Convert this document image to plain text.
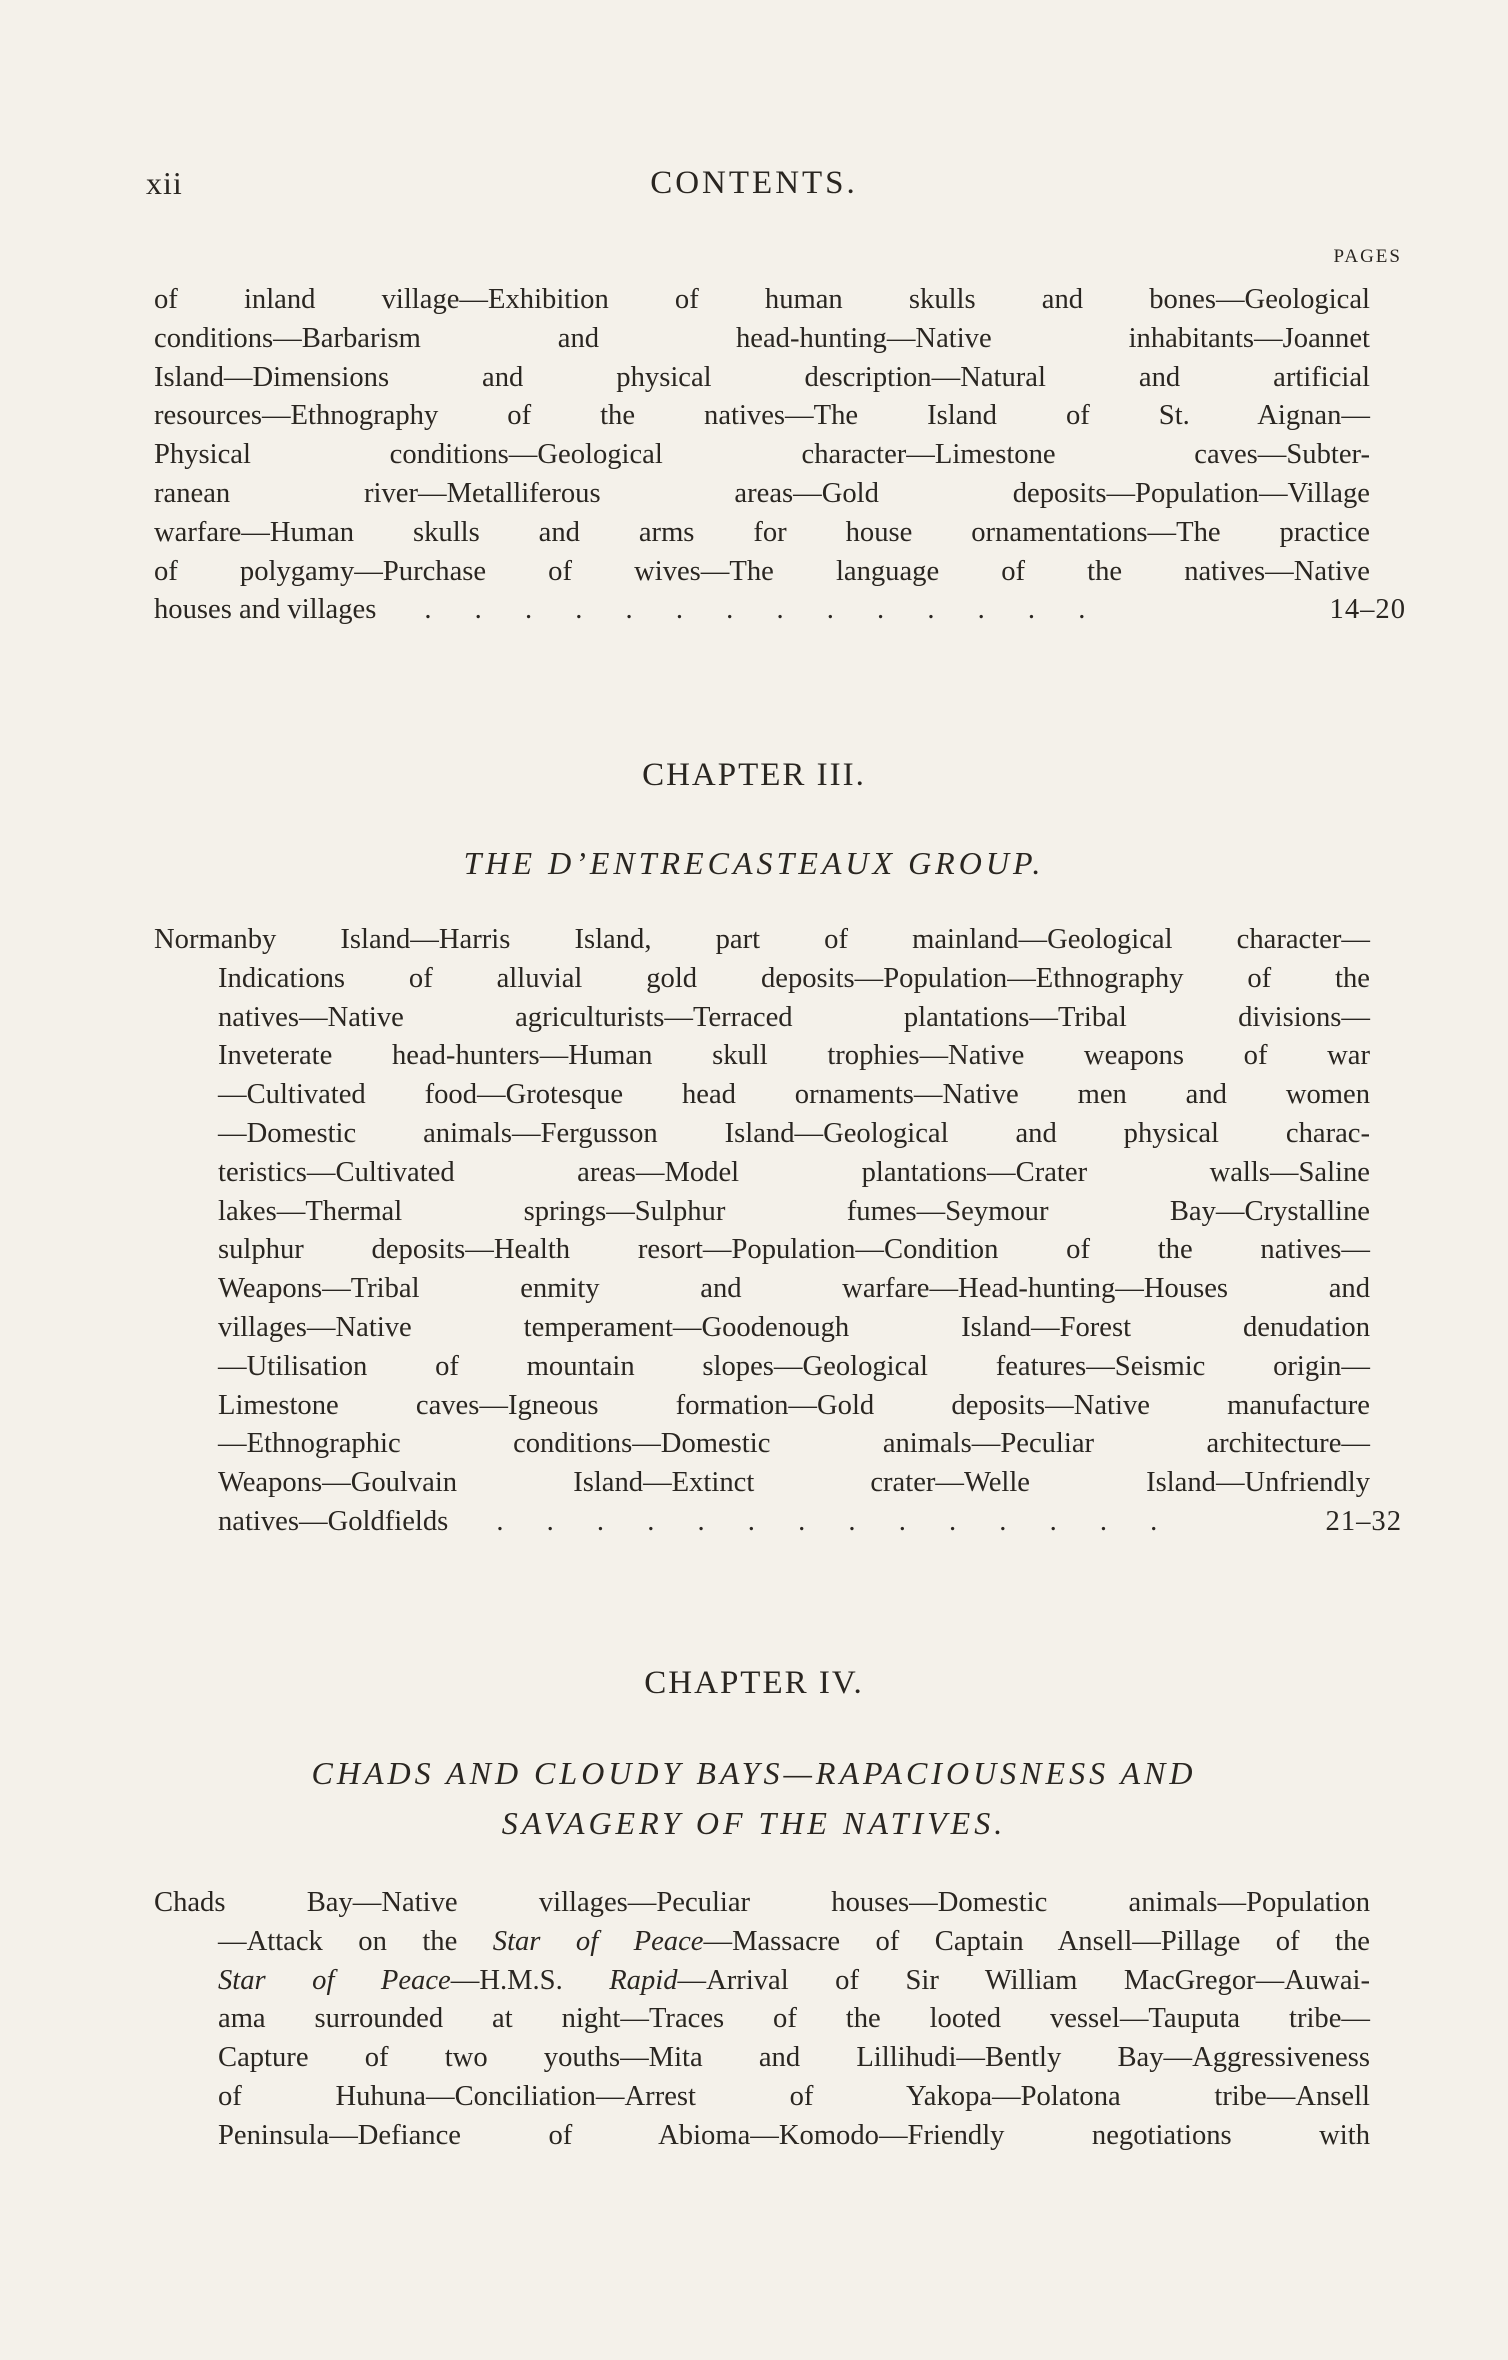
xii	CONTENTS.
PAGES
of inland village—Exhibition of human skulls and bones—Geological
conditions—Barbarism and head-hunting—Native inhabitants—Joannet
Island—Dimensions and physical description—Natural and artificial
resources—Ethnography of the natives—The Island of St. Aignan—
Physical conditions—Geological character—Limestone caves—Subter-
ranean river—Metalliferous areas—Gold deposits—Population—Village
warfare—Human skulls and arms for house ornamentations—The practice
of polygamy—Purchase of wives—The language of the natives—Native
houses and villages	. . . . . . . . . . . . . .	14–20
CHAPTER III.
THE D’ENTRECASTEAUX GROUP.
Normanby Island—Harris Island, part of mainland—Geological character—
Indications of alluvial gold deposits—Population—Ethnography of the
natives—Native agriculturists—Terraced plantations—Tribal divisions—
Inveterate head-hunters—Human skull trophies—Native weapons of war
—Cultivated food—Grotesque head ornaments—Native men and women
—Domestic animals—Fergusson Island—Geological and physical charac-
teristics—Cultivated areas—Model plantations—Crater walls—Saline
lakes—Thermal springs—Sulphur fumes—Seymour Bay—Crystalline
sulphur deposits—Health resort—Population—Condition of the natives—
Weapons—Tribal enmity and warfare—Head-hunting—Houses and
villages—Native temperament—Goodenough Island—Forest denudation
—Utilisation of mountain slopes—Geological features—Seismic origin—
Limestone caves—Igneous formation—Gold deposits—Native manufacture
—Ethnographic conditions—Domestic animals—Peculiar architecture—
Weapons—Goulvain Island—Extinct crater—Welle Island—Unfriendly
natives—Goldfields	. . . . . . . . . . . . . .	21–32
CHAPTER IV.
CHADS AND CLOUDY BAYS—RAPACIOUSNESS AND
SAVAGERY OF THE NATIVES.
Chads Bay—Native villages—Peculiar houses—Domestic animals—Population
—Attack on the Star of Peace—Massacre of Captain Ansell—Pillage of the
Star of Peace—H.M.S. Rapid—Arrival of Sir William MacGregor—Auwai-
ama surrounded at night—Traces of the looted vessel—Tauputa tribe—
Capture of two youths—Mita and Lillihudi—Bently Bay—Aggressiveness
of Huhuna—Conciliation—Arrest of Yakopa—Polatona tribe—Ansell
Peninsula—Defiance of Abioma—Komodo—Friendly negotiations with
